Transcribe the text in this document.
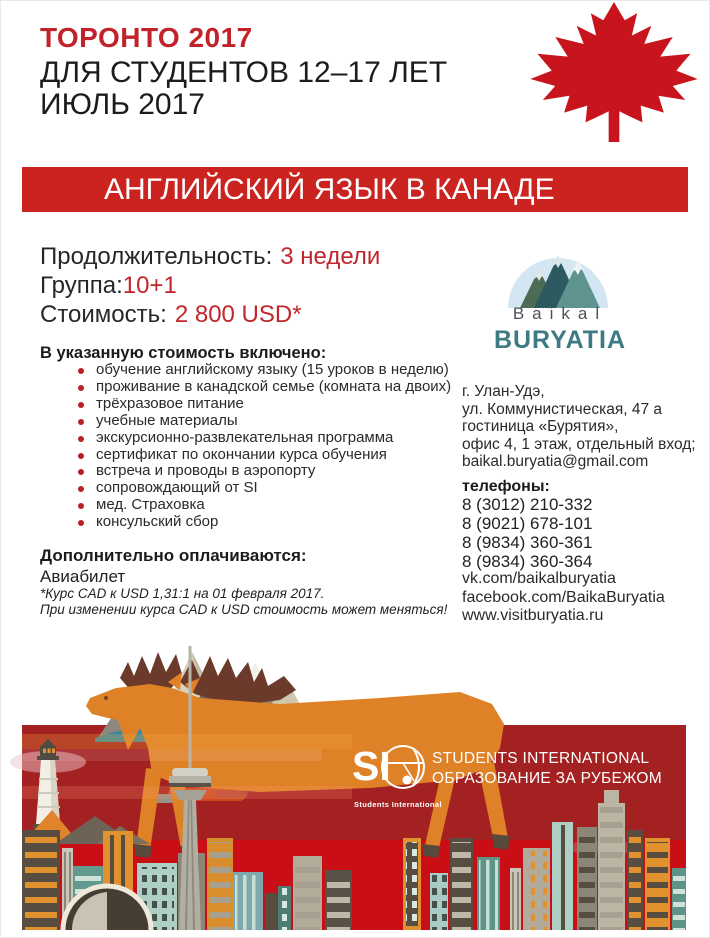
ТОРОНТО 2017
ДЛЯ СТУДЕНТОВ 12–17 ЛЕТ
ИЮЛЬ 2017
АНГЛИЙСКИЙ ЯЗЫК В КАНАДЕ
Продолжительность: 3 недели
Группа:10+1
Стоимость: 2 800 USD*
В указанную стоимость включено:
обучение английскому языку (15 уроков в неделю)
проживание в канадской семье (комната на двоих)
трёхразовое питание
учебные материалы
экскурсионно-развлекательная программа
сертификат по окончании курса обучения
встреча и проводы в аэропорту
сопровождающий от SI
мед. Страховка
консульский сбор
Дополнительно оплачиваются:
Авиабилет
*Курс CAD к USD 1,31:1 на 01 февраля 2017.
При изменении курса CAD к USD стоимость может меняться!
Baikal
BURYATIA
г. Улан-Удэ,
ул. Коммунистическая, 47 а
гостиница «Бурятия»,
офис 4, 1 этаж, отдельный вход;
baikal.buryatia@gmail.com
телефоны:
8 (3012) 210-332
8 (9021) 678-101
8 (9834) 360-361
8 (9834) 360-364
vk.com/baikalburyatia
facebook.com/BaikaBuryatia
www.visitburyatia.ru
SI
Students International
STUDENTS INTERNATIONAL
ОБРАЗОВАНИЕ ЗА РУБЕЖОМ
